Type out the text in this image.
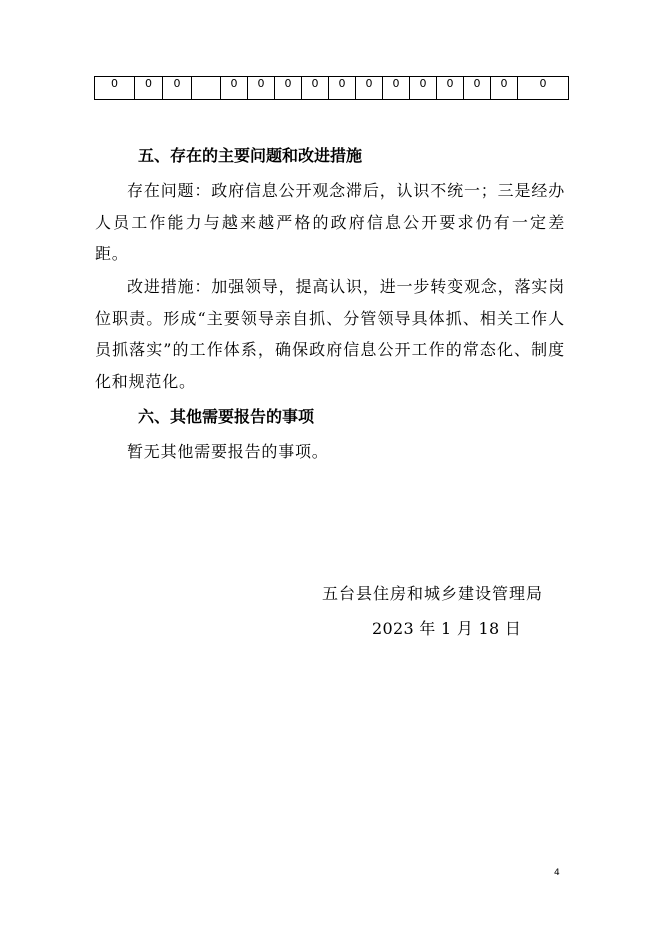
0	0	0		0	0	0	0	0	0	0	0	0	0	0	0

五、存在的主要问题和改进措施

存在问题：政府信息公开观念滞后，认识不统一；三是经办人员工作能力与越来越严格的政府信息公开要求仍有一定差距。

改进措施：加强领导，提高认识，进一步转变观念，落实岗位职责。形成“主要领导亲自抓、分管领导具体抓、相关工作人员抓落实”的工作体系，确保政府信息公开工作的常态化、制度化和规范化。

六、其他需要报告的事项

暂无其他需要报告的事项。

五台县住房和城乡建设管理局

2023 年 1 月 18 日

4
